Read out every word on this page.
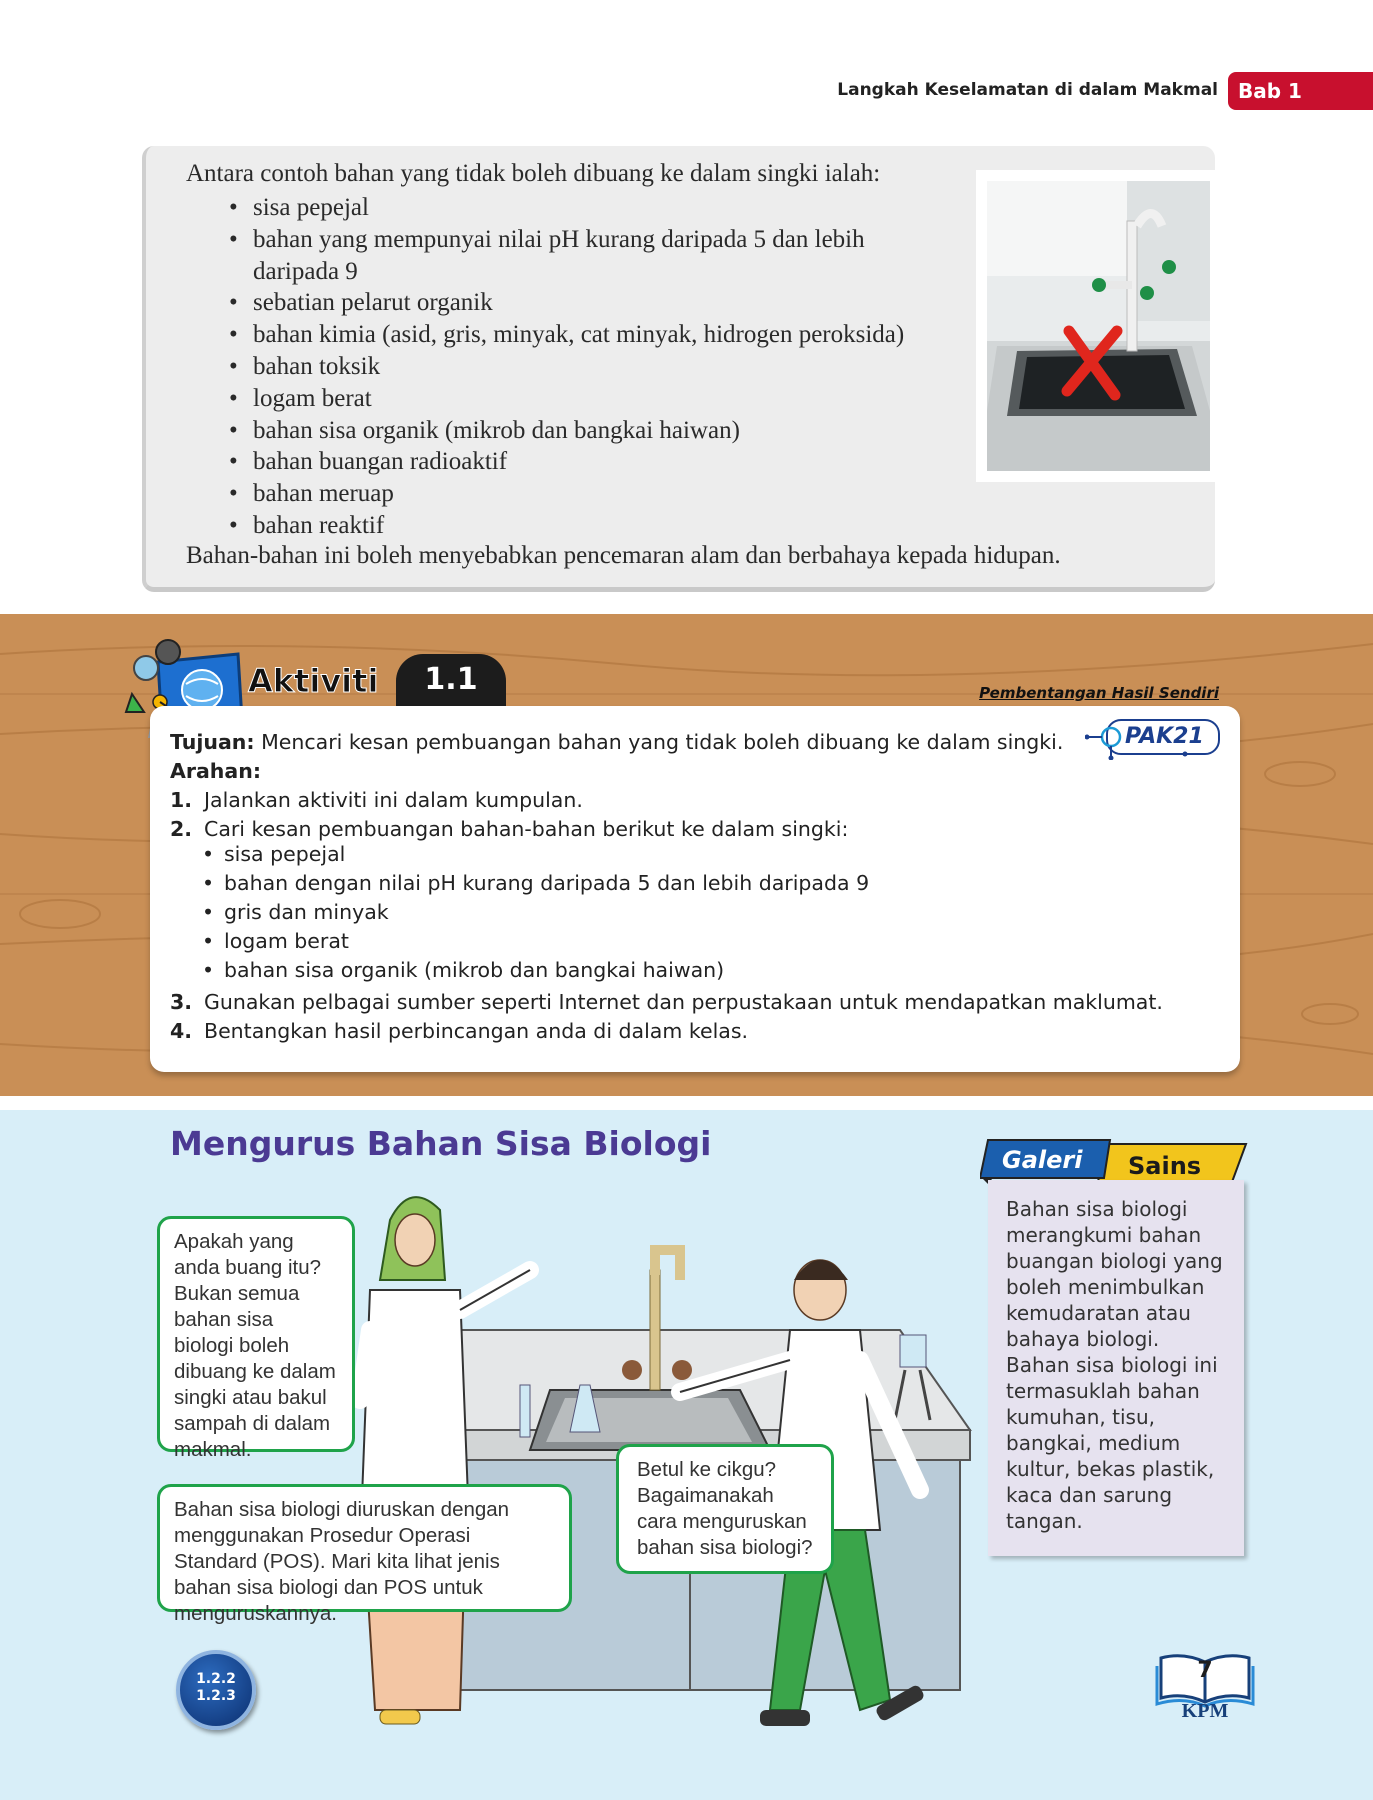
Langkah Keselamatan di dalam Makmal	Bab 1
Antara contoh bahan yang tidak boleh dibuang ke dalam singki ialah:
• sisa pepejal
• bahan yang mempunyai nilai pH kurang daripada 5 dan lebih daripada 9
• sebatian pelarut organik
• bahan kimia (asid, gris, minyak, cat minyak, hidrogen peroksida)
• bahan toksik
• logam berat
• bahan sisa organik (mikrob dan bangkai haiwan)
• bahan buangan radioaktif
• bahan meruap
• bahan reaktif
Bahan-bahan ini boleh menyebabkan pencemaran alam dan berbahaya kepada hidupan.
Aktiviti	1.1	Pembentangan Hasil Sendiri
PAK21
Tujuan: Mencari kesan pembuangan bahan yang tidak boleh dibuang ke dalam singki.
Arahan:
1. Jalankan aktiviti ini dalam kumpulan.
2. Cari kesan pembuangan bahan-bahan berikut ke dalam singki:
• sisa pepejal
• bahan dengan nilai pH kurang daripada 5 dan lebih daripada 9
• gris dan minyak
• logam berat
• bahan sisa organik (mikrob dan bangkai haiwan)
3. Gunakan pelbagai sumber seperti Internet dan perpustakaan untuk mendapatkan maklumat.
4. Bentangkan hasil perbincangan anda di dalam kelas.
Mengurus Bahan Sisa Biologi
Apakah yang anda buang itu? Bukan semua bahan sisa biologi boleh dibuang ke dalam singki atau bakul sampah di dalam makmal.
Bahan sisa biologi diuruskan dengan menggunakan Prosedur Operasi Standard (POS). Mari kita lihat jenis bahan sisa biologi dan POS untuk menguruskannya.
Betul ke cikgu? Bagaimanakah cara menguruskan bahan sisa biologi?
Galeri Sains
Bahan sisa biologi merangkumi bahan buangan biologi yang boleh menimbulkan kemudaratan atau bahaya biologi. Bahan sisa biologi ini termasuklah bahan kumuhan, tisu, bangkai, medium kultur, bekas plastik, kaca dan sarung tangan.
1.2.2
1.2.3
7
KPM
